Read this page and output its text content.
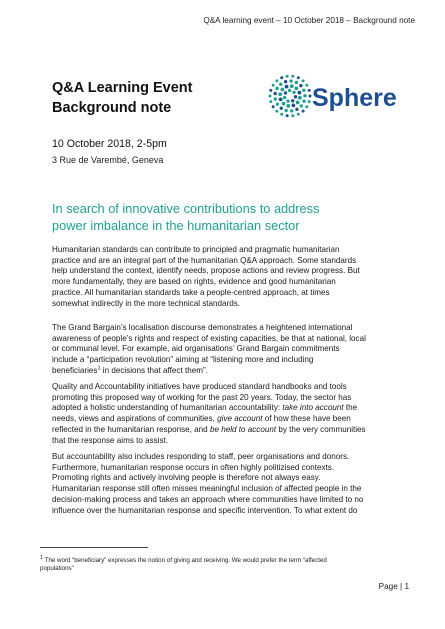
Q&A learning event – 10 October 2018 – Background note
Q&A Learning Event
Background note
10 October 2018, 2-5pm
3 Rue de Varembé, Geneva
Sphere
In search of innovative contributions to address
power imbalance in the humanitarian sector
Humanitarian standards can contribute to principled and pragmatic humanitarian
practice and are an integral part of the humanitarian Q&A approach. Some standards
help understand the context, identify needs, propose actions and review progress. But
more fundamentally, they are based on rights, evidence and good humanitarian
practice. All humanitarian standards take a people-centred approach, at times
somewhat indirectly in the more technical standards.
The Grand Bargain’s localisation discourse demonstrates a heightened international
awareness of people’s rights and respect of existing capacities, be that at national, local
or communal level. For example, aid organisations’ Grand Bargain commitments
include a “participation revolution” aiming at “listening more and including
beneficiaries$^1$ in decisions that affect them”.
Quality and Accountability initiatives have produced standard handbooks and tools
promoting this proposed way of working for the past 20 years. Today, the sector has
adopted a holistic understanding of humanitarian accountability: take into account the
needs, views and aspirations of communities, give account of how these have been
reflected in the humanitarian response, and be held to account by the very communities
that the response aims to assist.
But accountability also includes responding to staff, peer organisations and donors.
Furthermore, humanitarian response occurs in often highly politizised contexts.
Promoting rights and actively involving people is therefore not always easy.
Humanitarian response still often misses meaningful inclusion of affected people in the
decision-making process and takes an approach where communities have limited to no
influence over the humanitarian response and specific intervention. To what extent do
$^1$ The word “beneficiary” expresses the notion of giving and receiving. We would prefer the term “affected
populations”
Page | 1
